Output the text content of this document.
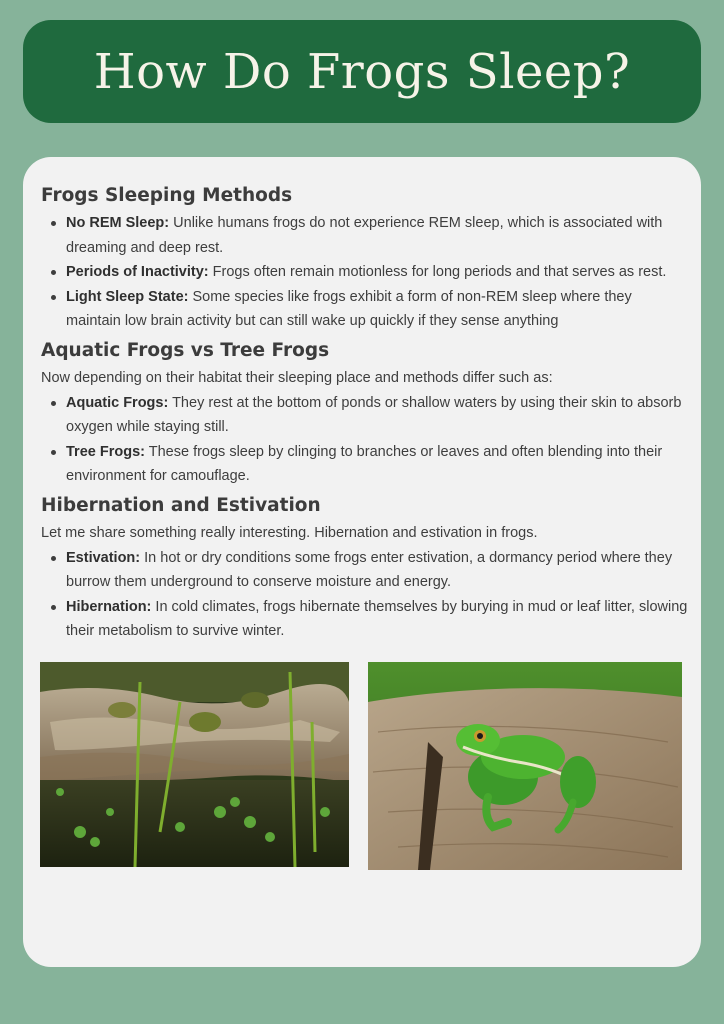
How Do Frogs Sleep?
Frogs Sleeping Methods
No REM Sleep: Unlike humans frogs do not experience REM sleep, which is associated with dreaming and deep rest.
Periods of Inactivity: Frogs often remain motionless for long periods and that serves as rest.
Light Sleep State: Some species like frogs exhibit a form of non-REM sleep where they maintain low brain activity but can still wake up quickly if they sense anything
Aquatic Frogs vs Tree Frogs

Now depending on their habitat their sleeping place and methods differ such as:

Aquatic Frogs: They rest at the bottom of ponds or shallow waters by using their skin to absorb oxygen while staying still.
Tree Frogs: These frogs sleep by clinging to branches or leaves and often blending into their environment for camouflage.
Hibernation and Estivation

Let me share something really interesting. Hibernation and estivation in frogs.

Estivation: In hot or dry conditions some frogs enter estivation, a dormancy period where they burrow them underground to conserve moisture and energy.
Hibernation: In cold climates, frogs hibernate themselves by burying in mud or leaf litter, slowing their metabolism to survive winter.
